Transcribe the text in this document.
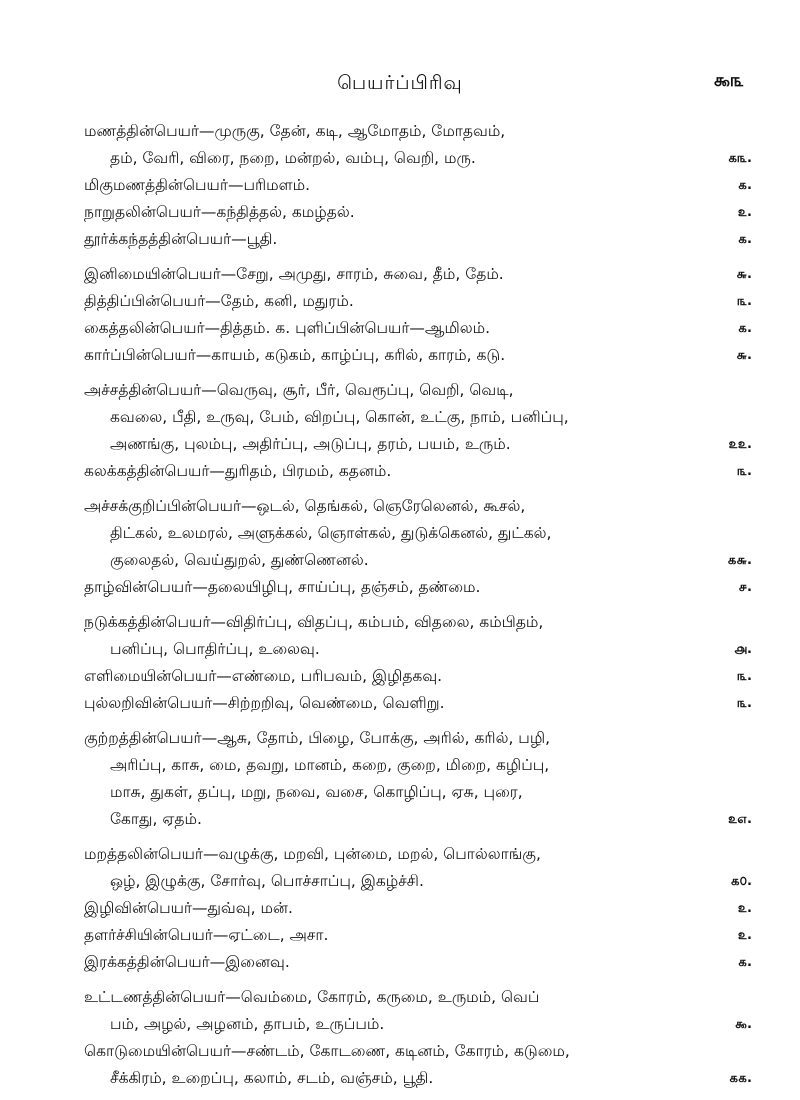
பெயர்ப்பிரிவு	௯௩
மணத்தின்பெயர்—முருகு, தேன், கடி, ஆமோதம், மோதவம்,
தம், வேரி, விரை, நறை, மன்றல், வம்பு, வெறி, மரு.	௧௩.
மிகுமணத்தின்பெயர்—பரிமளம்.	௧.
நாறுதலின்பெயர்—கந்தித்தல், கமழ்தல்.	௨.
தூர்க்கந்தத்தின்பெயர்—பூதி.	௧.
இனிமையின்பெயர்—சேறு, அமுது, சாரம், சுவை, தீம், தேம்.	௬.
தித்திப்பின்பெயர்—தேம், கனி, மதுரம்.	௩.
கைத்தலின்பெயர்—தித்தம். க. புளிப்பின்பெயர்—ஆமிலம்.	௧.
கார்ப்பின்பெயர்—காயம், கடுகம், காழ்ப்பு, கரில், காரம், கடு.	௬.
அச்சத்தின்பெயர்—வெருவு, சூர், பீர், வெரூப்பு, வெறி, வெடி,
கவலை, பீதி, உருவு, பேம், விறப்பு, கொன், உட்கு, நாம், பனிப்பு,
அணங்கு, புலம்பு, அதிர்ப்பு, அடுப்பு, தரம், பயம், உரும்.	௨௨.
கலக்கத்தின்பெயர்—துரிதம், பிரமம், கதனம்.	௩.
அச்சக்குறிப்பின்பெயர்—ஒடல், தெங்கல், ஞெரேலெனல், கூசல்,
திட்கல், உலமரல், அளுக்கல், ஞொள்கல், துடுக்கெனல், துட்கல்,
குலைதல், வெய்துறல், துண்ணெனல்.	௧௬.
தாழ்வின்பெயர்—தலையிழிபு, சாய்ப்பு, தஞ்சம், தண்மை.	௪.
நடுக்கத்தின்பெயர்—விதிர்ப்பு, விதப்பு, கம்பம், விதலை, கம்பிதம்,
பனிப்பு, பொதிர்ப்பு, உலைவு.	௮.
எளிமையின்பெயர்—எண்மை, பரிபவம், இழிதகவு.	௩.
புல்லறிவின்பெயர்—சிற்றறிவு, வெண்மை, வெளிறு.	௩.
குற்றத்தின்பெயர்—ஆசு, தோம், பிழை, போக்கு, அரில், கரில், பழி,
அரிப்பு, காசு, மை, தவறு, மானம், கறை, குறை, மிறை, கழிப்பு,
மாசு, துகள், தப்பு, மறு, நவை, வசை, கொழிப்பு, ஏசு, புரை,
கோது, ஏதம்.	௨௭.
மறத்தலின்பெயர்—வழுக்கு, மறவி, புன்மை, மறல், பொல்லாங்கு,
ஒழ், இழுக்கு, சோர்வு, பொச்சாப்பு, இகழ்ச்சி.	௧௦.
இழிவின்பெயர்—துவ்வு, மன்.	௨.
தளர்ச்சியின்பெயர்—ஏட்டை, அசா.	௨.
இரக்கத்தின்பெயர்—இனைவு.	௧.
உட்டணத்தின்பெயர்—வெம்மை, கோரம், கருமை, உருமம், வெப்
பம், அழல், அழனம், தாபம், உருப்பம்.	௯.
கொடுமையின்பெயர்—சண்டம், கோடணை, கடினம், கோரம், கடுமை,
சீக்கிரம், உறைப்பு, கலாம், சடம், வஞ்சம், பூதி.	௧௧.
